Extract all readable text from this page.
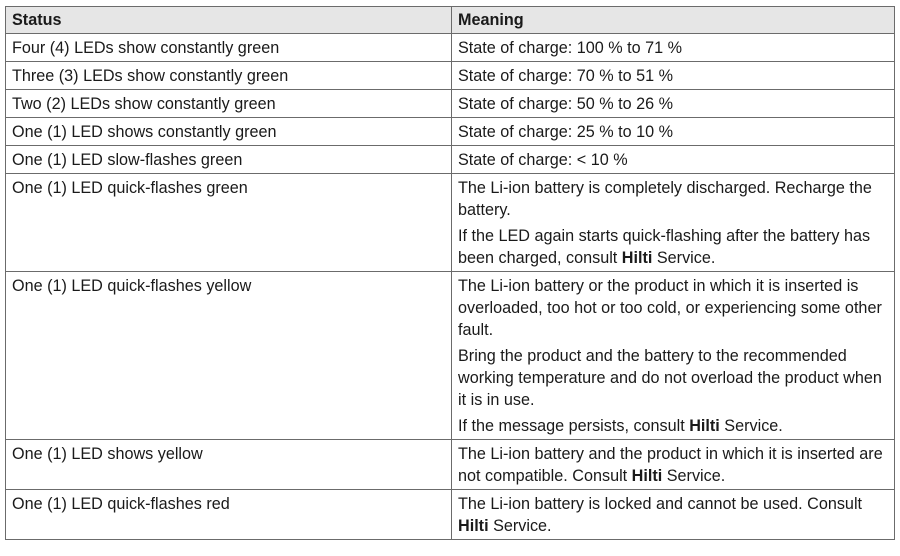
Status	Meaning
Four (4) LEDs show constantly green	State of charge: 100 % to 71 %

Three (3) LEDs show constantly green	State of charge: 70 % to 51 %

Two (2) LEDs show constantly green	State of charge: 50 % to 26 %

One (1) LED shows constantly green	State of charge: 25 % to 10 %

One (1) LED slow-flashes green	State of charge: < 10 %

One (1) LED quick-flashes green	The Li-ion battery is completely discharged. Recharge the battery.
If the LED again starts quick-flashing after the battery has been charged, consult Hilti Service.

One (1) LED quick-flashes yellow	The Li-ion battery or the product in which it is inserted is overloaded, too hot or too cold, or experiencing some other fault.
Bring the product and the battery to the recommended working temperature and do not overload the product when it is in use.
If the message persists, consult Hilti Service.

One (1) LED shows yellow	The Li-ion battery and the product in which it is inserted are not compatible. Consult Hilti Service.

One (1) LED quick-flashes red	The Li-ion battery is locked and cannot be used. Consult Hilti Service.
